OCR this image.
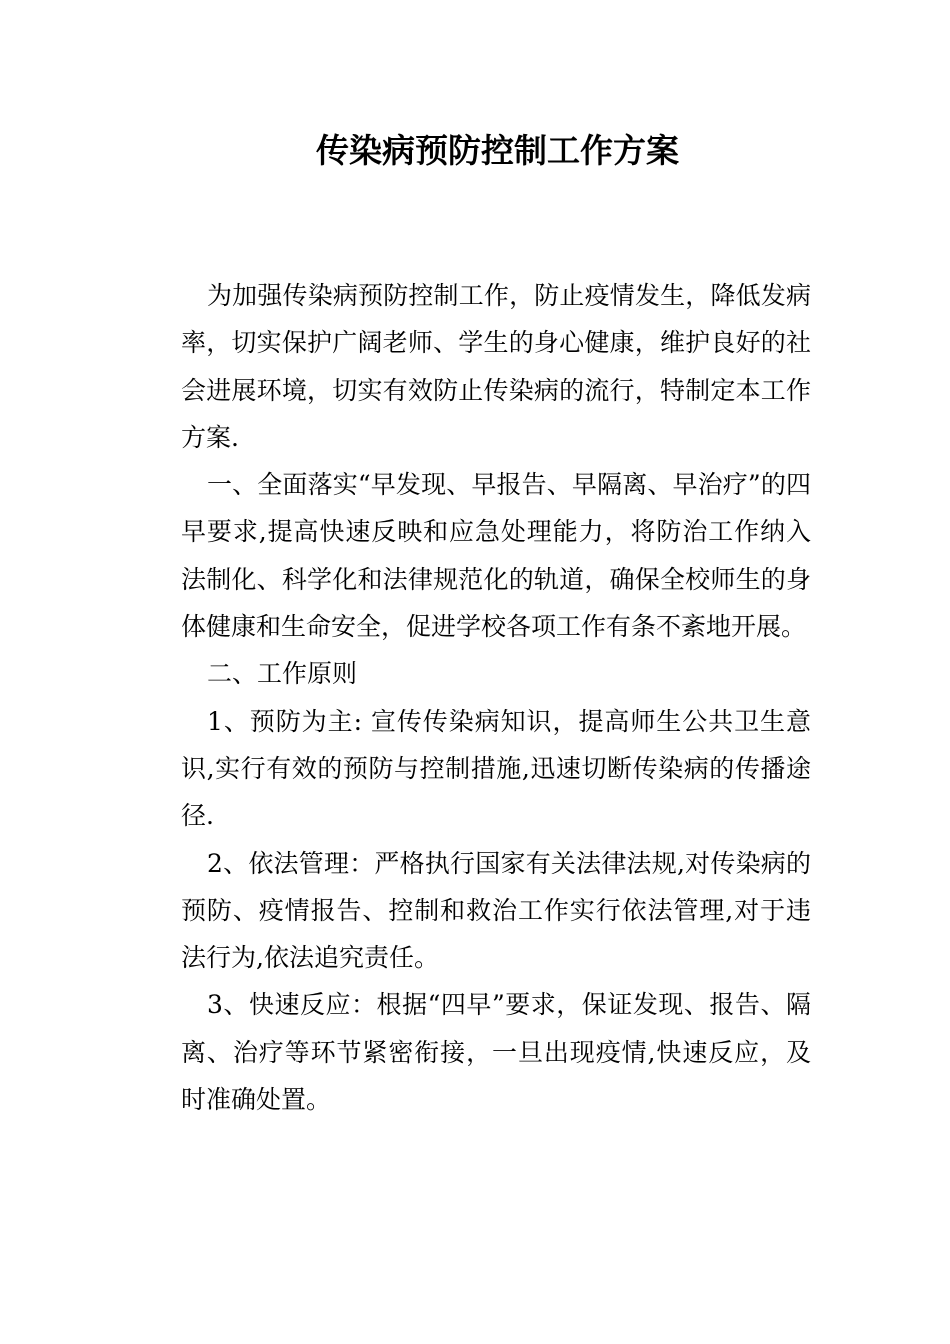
传染病预防控制工作方案

为加强传染病预防控制工作，防止疫情发生，降低发病率，切实保护广阔老师、学生的身心健康，维护良好的社会进展环境，切实有效防止传染病的流行，特制定本工作方案.

一、全面落实“早发现、早报告、早隔离、早治疗”的四早要求,提高快速反映和应急处理能力，将防治工作纳入法制化、科学化和法律规范化的轨道，确保全校师生的身体健康和生命安全，促进学校各项工作有条不紊地开展。

二、工作原则

1、预防为主: 宣传传染病知识，提高师生公共卫生意识,实行有效的预防与控制措施,迅速切断传染病的传播途径.

2、依法管理：严格执行国家有关法律法规,对传染病的预防、疫情报告、控制和救治工作实行依法管理,对于违法行为,依法追究责任。

3、快速反应：根据“四早”要求，保证发现、报告、隔离、治疗等环节紧密衔接，一旦出现疫情,快速反应，及时准确处置。
